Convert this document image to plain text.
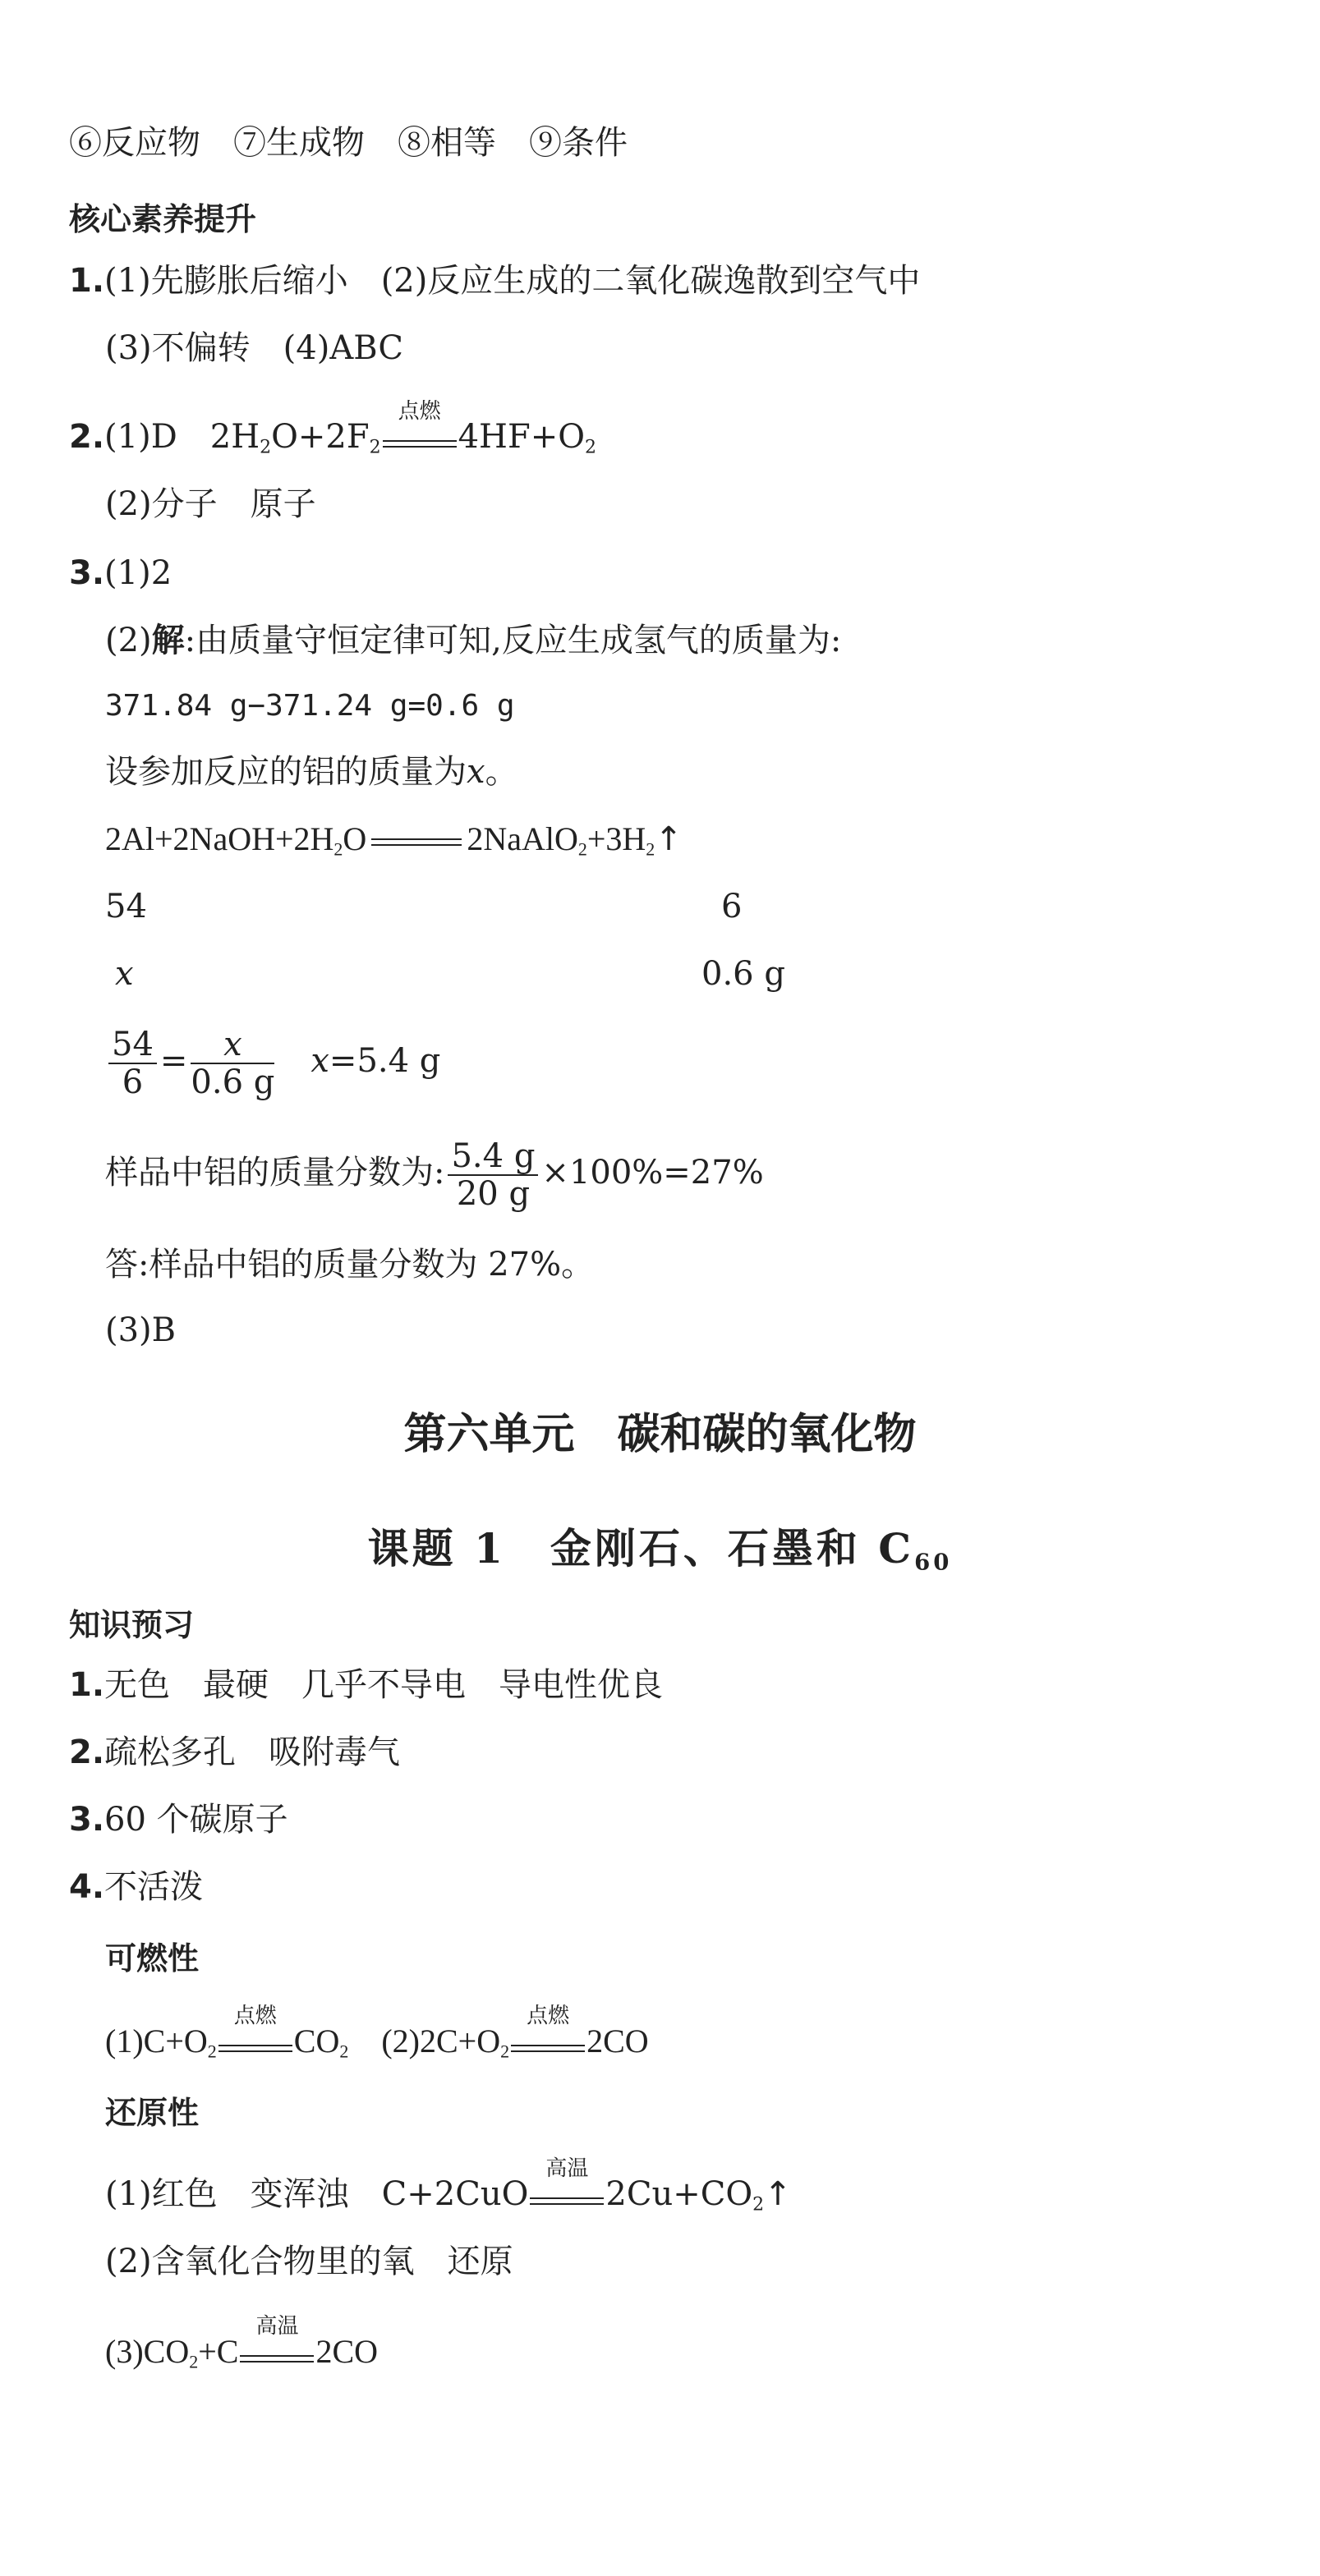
⑥反应物　⑦生成物　⑧相等　⑨条件
核心素养提升
1.(1)先膨胀后缩小　(2)反应生成的二氧化碳逸散到空气中
(3)不偏转　(4)ABC
2.(1)D　$2H_2O+2F_2$
点燃
$4HF+O_2$
(2)分子　原子
3.(1)2
(2)解:由质量守恒定律可知,反应生成氢气的质量为:
371.84 g−371.24 g=0.6 g
设参加反应的铝的质量为x。
$2Al+2NaOH+2H_2O$	$2NaAlO_2+3H_2↑$
54	6
x	0.6 g
$\frac{54}{6} = \frac{x}{0.6 g}$
　 x=5.4 g
样品中铝的质量分数为: $\frac{5.4 g}{20 g} \times 100\%=27\%$
答:样品中铝的质量分数为 27%。
(3)B
第六单元　碳和碳的氧化物
课题 1　金刚石、石墨和 $C_{60}$
知识预习
1.无色　最硬　几乎不导电　导电性优良
2.疏松多孔　吸附毒气
3.60 个碳原子
4.不活泼
可燃性
$(1)C+O_2$
点燃
$CO_2$　$(2)2C+O_2$
点燃
2CO
还原性
(1)红色　变浑浊　C+2CuO
高温
$2Cu+CO_2↑$
(2)含氧化合物里的氧　还原
$(3)CO_2+C$
高温
2CO
